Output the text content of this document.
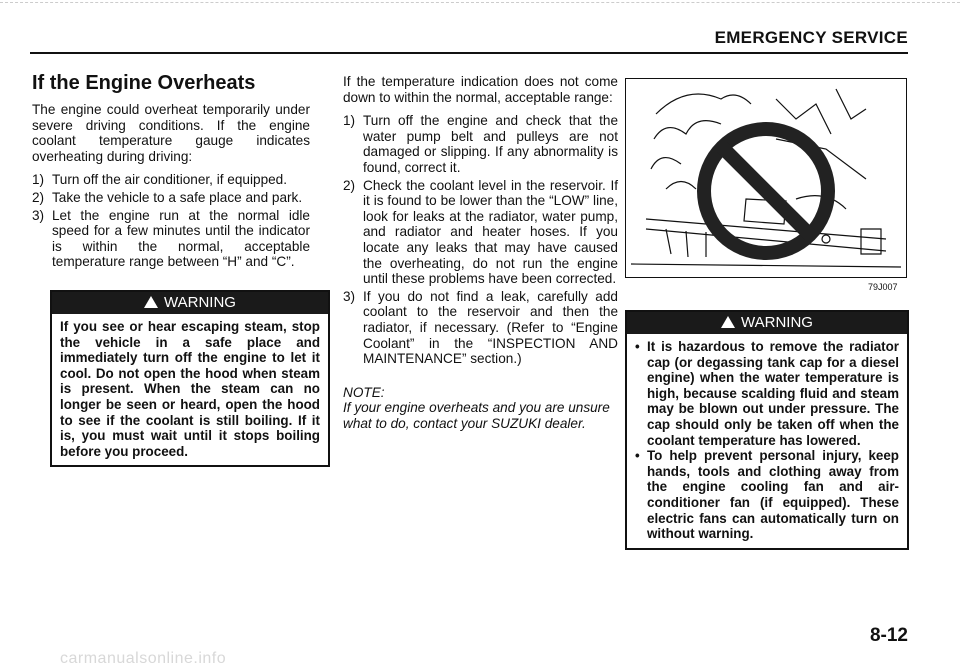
EMERGENCY SERVICE
If the Engine Overheats

The engine could overheat temporarily under severe driving conditions. If the engine coolant temperature gauge indicates overheating during driving:

1) Turn off the air conditioner, if equipped.
2) Take the vehicle to a safe place and park.
3) Let the engine run at the normal idle speed for a few minutes until the indicator is within the normal, acceptable temperature range between “H” and “C”.
WARNING
If you see or hear escaping steam, stop the vehicle in a safe place and immediately turn off the engine to let it cool. Do not open the hood when steam is present. When the steam can no longer be seen or heard, open the hood to see if the coolant is still boiling. If it is, you must wait until it stops boiling before you proceed.

If the temperature indication does not come down to within the normal, acceptable range:

1) Turn off the engine and check that the water pump belt and pulleys are not damaged or slipping. If any abnormality is found, correct it.
2) Check the coolant level in the reservoir. If it is found to be lower than the “LOW” line, look for leaks at the radiator, water pump, and radiator and heater hoses. If you locate any leaks that may have caused the overheating, do not run the engine until these problems have been corrected.
3) If you do not find a leak, carefully add coolant to the reservoir and then the radiator, if necessary. (Refer to “Engine Coolant” in the “INSPECTION AND MAINTENANCE” section.)
NOTE:
If your engine overheats and you are unsure what to do, contact your SUZUKI dealer.
79J007
WARNING
• It is hazardous to remove the radiator cap (or degassing tank cap for a diesel engine) when the water temperature is high, because scalding fluid and steam may be blown out under pressure. The cap should only be taken off when the coolant temperature has lowered.
• To help prevent personal injury, keep hands, tools and clothing away from the engine cooling fan and air-conditioner fan (if equipped). These electric fans can automatically turn on without warning.
8-12
carmanualsonline.info
